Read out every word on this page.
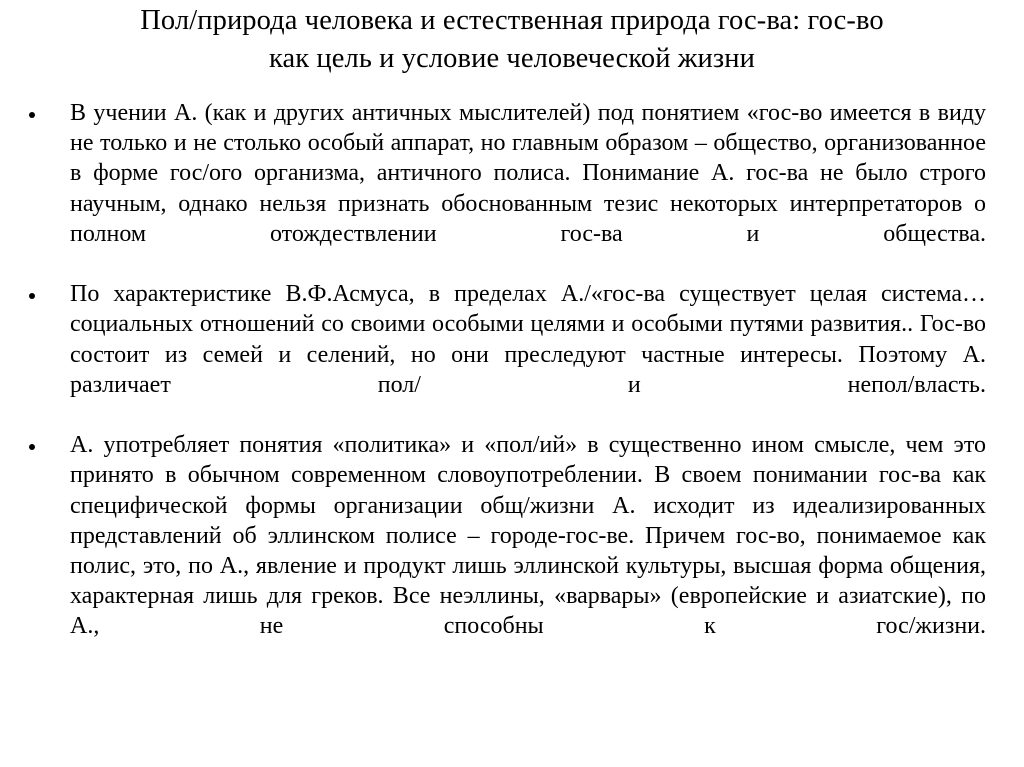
Пол/природа человека и естественная природа гос-ва: гос-во
как цель и условие человеческой жизни
В учении А. (как и других античных мыслителей) под понятием «гос-во имеется в виду не только и не столько особый аппарат, но главным образом – общество, организованное в форме гос/ого организма, античного полиса. Понимание А. гос-ва не было строго научным, однако нельзя признать обоснованным тезис некоторых интерпретаторов о полном отождествлении гос-ва и общества.
По характеристике В.Ф.Асмуса, в пределах А./«гос-ва существует целая система… социальных отношений со своими особыми целями и особыми путями развития.. Гос-во состоит из семей и селений, но они преследуют частные интересы. Поэтому А. различает пол/ и непол/власть.
А. употребляет понятия «политика» и «пол/ий» в существенно ином смысле, чем это принято в обычном современном словоупотреблении. В своем понимании гос-ва как специфической формы организации общ/жизни А. исходит из идеализированных представлений об эллинском полисе – городе-гос-ве. Причем гос-во, понимаемое как полис, это, по А., явление и продукт лишь эллинской культуры, высшая форма общения, характерная лишь для греков. Все неэллины, «варвары» (европейские и азиатские), по А., не способны к гос/жизни.
